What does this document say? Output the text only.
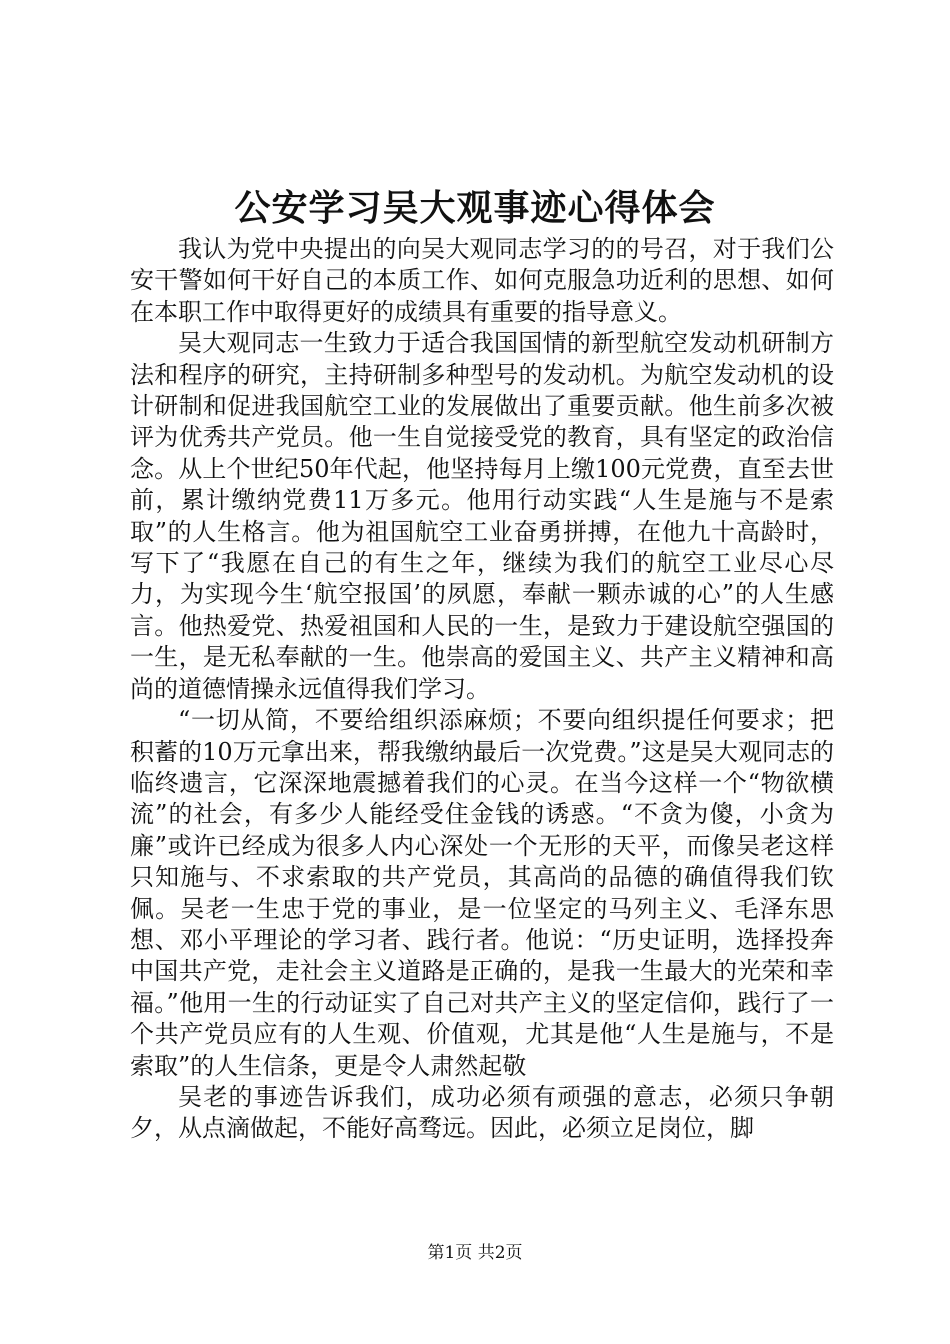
公安学习吴大观事迹心得体会

我认为党中央提出的向吴大观同志学习的的号召，对于我们公安干警如何干好自己的本质工作、如何克服急功近利的思想、如何在本职工作中取得更好的成绩具有重要的指导意义。

吴大观同志一生致力于适合我国国情的新型航空发动机研制方法和程序的研究，主持研制多种型号的发动机。为航空发动机的设计研制和促进我国航空工业的发展做出了重要贡献。他生前多次被评为优秀共产党员。他一生自觉接受党的教育，具有坚定的政治信念。从上个世纪50年代起，他坚持每月上缴100元党费，直至去世前，累计缴纳党费11万多元。他用行动实践“人生是施与不是索取”的人生格言。他为祖国航空工业奋勇拼搏，在他九十高龄时，写下了“我愿在自己的有生之年，继续为我们的航空工业尽心尽力，为实现今生‘航空报国’的夙愿，奉献一颗赤诚的心”的人生感言。他热爱党、热爱祖国和人民的一生，是致力于建设航空强国的一生，是无私奉献的一生。他崇高的爱国主义、共产主义精神和高尚的道德情操永远值得我们学习。

“一切从简，不要给组织添麻烦；不要向组织提任何要求；把积蓄的10万元拿出来，帮我缴纳最后一次党费。”这是吴大观同志的临终遗言，它深深地震撼着我们的心灵。在当今这样一个“物欲横流”的社会，有多少人能经受住金钱的诱惑。“不贪为傻，小贪为廉”或许已经成为很多人内心深处一个无形的天平，而像吴老这样只知施与、不求索取的共产党员，其高尚的品德的确值得我们钦佩。吴老一生忠于党的事业，是一位坚定的马列主义、毛泽东思想、邓小平理论的学习者、践行者。他说：“历史证明，选择投奔中国共产党，走社会主义道路是正确的，是我一生最大的光荣和幸福。”他用一生的行动证实了自己对共产主义的坚定信仰，践行了一个共产党员应有的人生观、价值观，尤其是他“人生是施与，不是索取”的人生信条，更是令人肃然起敬

吴老的事迹告诉我们，成功必须有顽强的意志，必须只争朝夕，从点滴做起，不能好高骛远。因此，必须立足岗位，脚

第1页 共2页
